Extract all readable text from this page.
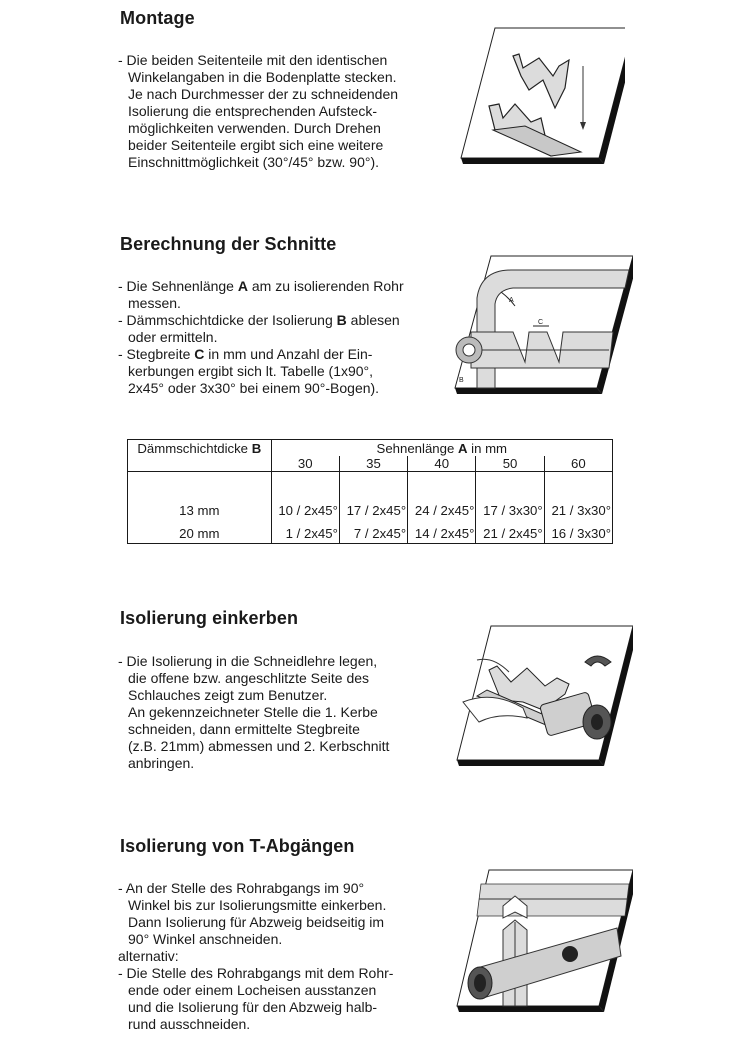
Montage
- Die beiden Seitenteile mit den identischen
Winkelangaben in die Bodenplatte stecken.
Je nach Durchmesser der zu schneidenden
Isolierung die entsprechenden Aufsteck-
möglichkeiten verwenden. Durch Drehen
beider Seitenteile ergibt sich eine weitere
Einschnittmöglichkeit (30°/45° bzw. 90°).
Berechnung der Schnitte
- Die Sehnenlänge A am zu isolierenden Rohr
messen.
- Dämmschichtdicke der Isolierung B ablesen
oder ermitteln.
- Stegbreite C in mm und Anzahl der Ein-
kerbungen ergibt sich lt. Tabelle (1x90°,
2x45° oder 3x30° bei einem 90°-Bogen).
A
C
B
Dämmschichtdicke B	Sehnenlänge A in mm				
	30	35	40	50	60
13 mm	10 / 2x45°	17 / 2x45°	24 / 2x45°	17 / 3x30°	21 / 3x30°
20 mm	1 / 2x45°	7 / 2x45°	14 / 2x45°	21 / 2x45°	16 / 3x30°
Isolierung einkerben
- Die Isolierung in die Schneidlehre legen,
die offene bzw. angeschlitzte Seite des
Schlauches zeigt zum Benutzer.
An gekennzeichneter Stelle die 1. Kerbe
schneiden, dann ermittelte Stegbreite
(z.B. 21mm) abmessen und 2. Kerbschnitt
anbringen.
Isolierung von T-Abgängen
- An der Stelle des Rohrabgangs im 90°
Winkel bis zur Isolierungsmitte einkerben.
Dann Isolierung für Abzweig beidseitig im
90° Winkel anschneiden.
alternativ:
- Die Stelle des Rohrabgangs mit dem Rohr-
ende oder einem Locheisen ausstanzen
und die Isolierung für den Abzweig halb-
rund ausschneiden.
